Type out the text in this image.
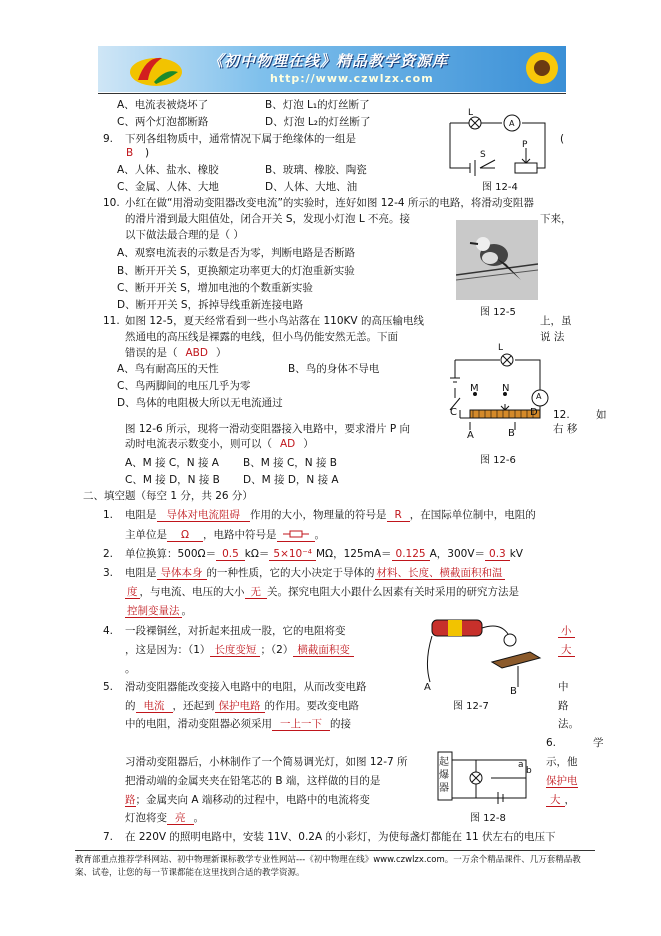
《初中物理在线》精品教学资源库
http://www.czwlzx.com
A、电流表被烧坏了	B、灯泡 L₁的灯丝断了
C、两个灯泡都断路	D、灯泡 L₂的灯丝断了
9. 下列各组物质中，通常情况下属于绝缘体的一组是	(
B )
A、人体、盐水、橡胶	B、玻璃、橡胶、陶瓷
C、金属、人体、大地	D、人体、大地、油
L
A
S
P
图 12-4
10. 小红在做“用滑动变阻器改变电流”的实验时，连好如图 12-4 所示的电路，将滑动变阻器
的滑片滑到最大阻值处，闭合开关 S，发现小灯泡 L 不亮。接	下来，
以下做法最合理的是（ ）
A、观察电流表的示数是否为零，判断电路是否断路
B、断开开关 S，更换额定功率更大的灯泡重新实验
C、断开开关 S，增加电池的个数重新实验
D、断开开关 S，拆掉导线重新连接电路
图 12-5
11. 如图 12-5，夏天经常看到一些小鸟站落在 110KV 的高压输电线	上，虽
然通电的高压线是裸露的电线，但小鸟仍能安然无恙。下面	说 法
错误的是（ ABD ）
A、鸟有耐高压的天性	B、鸟的身体不导电
C、鸟两脚间的电压几乎为零
D、鸟体的电阻极大所以无电流通过
L
A
M N
C	D
A	B
图 12-6
12.	如
图 12-6 所示，现将一滑动变阻器接入电路中，要求滑片 P 向	右 移
动时电流表示数变小，则可以（ AD ）
A、M 接 C，N 接 A B、M 接 C，N 接 B
C、M 接 D，N 接 B D、M 接 D，N 接 A
二、填空题（每空 1 分，共 26 分）
1. 电阻是 导体对电流阻碍 作用的大小，物理量的符号是 R ，在国际单位制中，电阻的
主单位是 Ω ，电路中符号是	。
2. 单位换算：500Ω＝ 0.5 kΩ＝ 5×10⁻⁴ MΩ，125mA＝ 0.125 A，300V＝ 0.3 kV
3. 电阻是 导体本身 的一种性质，它的大小决定于导体的 材料、长度、横截面积和温
度 ，与电流、电压的大小 无 关。探究电阻大小跟什么因素有关时采用的研究方法是
控制变量法 。
4. 一段裸铜丝，对折起来扭成一股，它的电阻将变	小
，这是因为：（1） 长度变短 ；（2） 横截面积变	大
。
A	B
图 12-7
5. 滑动变阻器能改变接入电路中的电阻，从而改变电路	中
的 电流 ，还起到 保护电路 的作用。要改变电路	路
中的电阻，滑动变阻器必须采用 一上一下 的接	法。
6.	学
习滑动变阻器后，小林制作了一个简易调光灯，如图 12-7 所	示，他
把滑动端的金属夹夹在铅笔芯的 B 端，这样做的目的是	保护电
路；金属夹向 A 端移动的过程中，电路中的电流将变	大 ，
灯泡将变 亮 。
起爆器
a
b
图 12-8
7. 在 220V 的照明电路中，安装 11V、0.2A 的小彩灯，为使每盏灯都能在 11 伏左右的电压下
教育部重点推荐学科网站、初中物理新课标教学专业性网站---《初中物理在线》www.czwlzx.com。一万余个精品课件、几万套精品教案、试卷，让您的每一节课都能在这里找到合适的教学资源。
